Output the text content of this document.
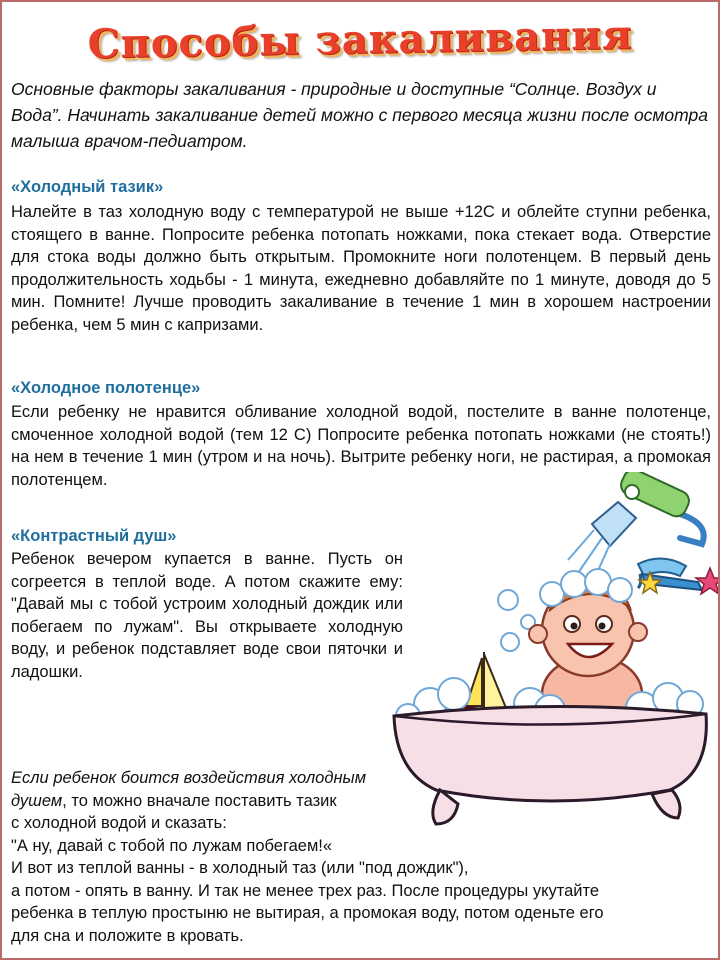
Способы закаливания

Основные факторы закаливания - природные и доступные “Солнце. Воздух и Вода”. Начинать закаливание детей можно с первого месяца жизни после осмотра малыша врачом-педиатром.

«Холодный тазик»

Налейте в таз холодную воду с температурой не выше +12С и облейте ступни ребенка, стоящего в ванне. Попросите ребенка потопать ножками, пока стекает вода. Отверстие для стока воды должно быть открытым. Промокните ноги полотенцем. В первый день продолжительность ходьбы - 1 минута, ежедневно добавляйте по 1 минуте, доводя до 5 мин. Помните! Лучше проводить закаливание в течение 1 мин в хорошем настроении ребенка, чем 5 мин с капризами.

«Холодное полотенце»

Если ребенку не нравится обливание холодной водой, постелите в ванне полотенце, смоченное холодной водой (тем 12 С) Попросите ребенка потопать ножками (не стоять!) на нем в течение 1 мин (утром и на ночь). Вытрите ребенку ноги, не растирая, а промокая полотенцем.

«Контрастный душ»

Ребенок вечером купается в ванне. Пусть он согреется в теплой воде. А потом скажите ему: "Давай мы с тобой устроим холодный дождик или побегаем по лужам". Вы открываете холодную воду, и ребенок подставляет воде свои пяточки и ладошки.

Если ребенок боится воздействия холодным
душем, то можно вначале поставить тазик
с холодной водой и сказать:
"А ну, давай с тобой по лужам побегаем!«
И вот из теплой ванны - в холодный таз (или "под дождик"),
а потом - опять в ванну. И так не менее трех раз. После процедуры укутайте
ребенка в теплую простыню не вытирая, а промокая воду, потом оденьте его
для сна и положите в кровать.
